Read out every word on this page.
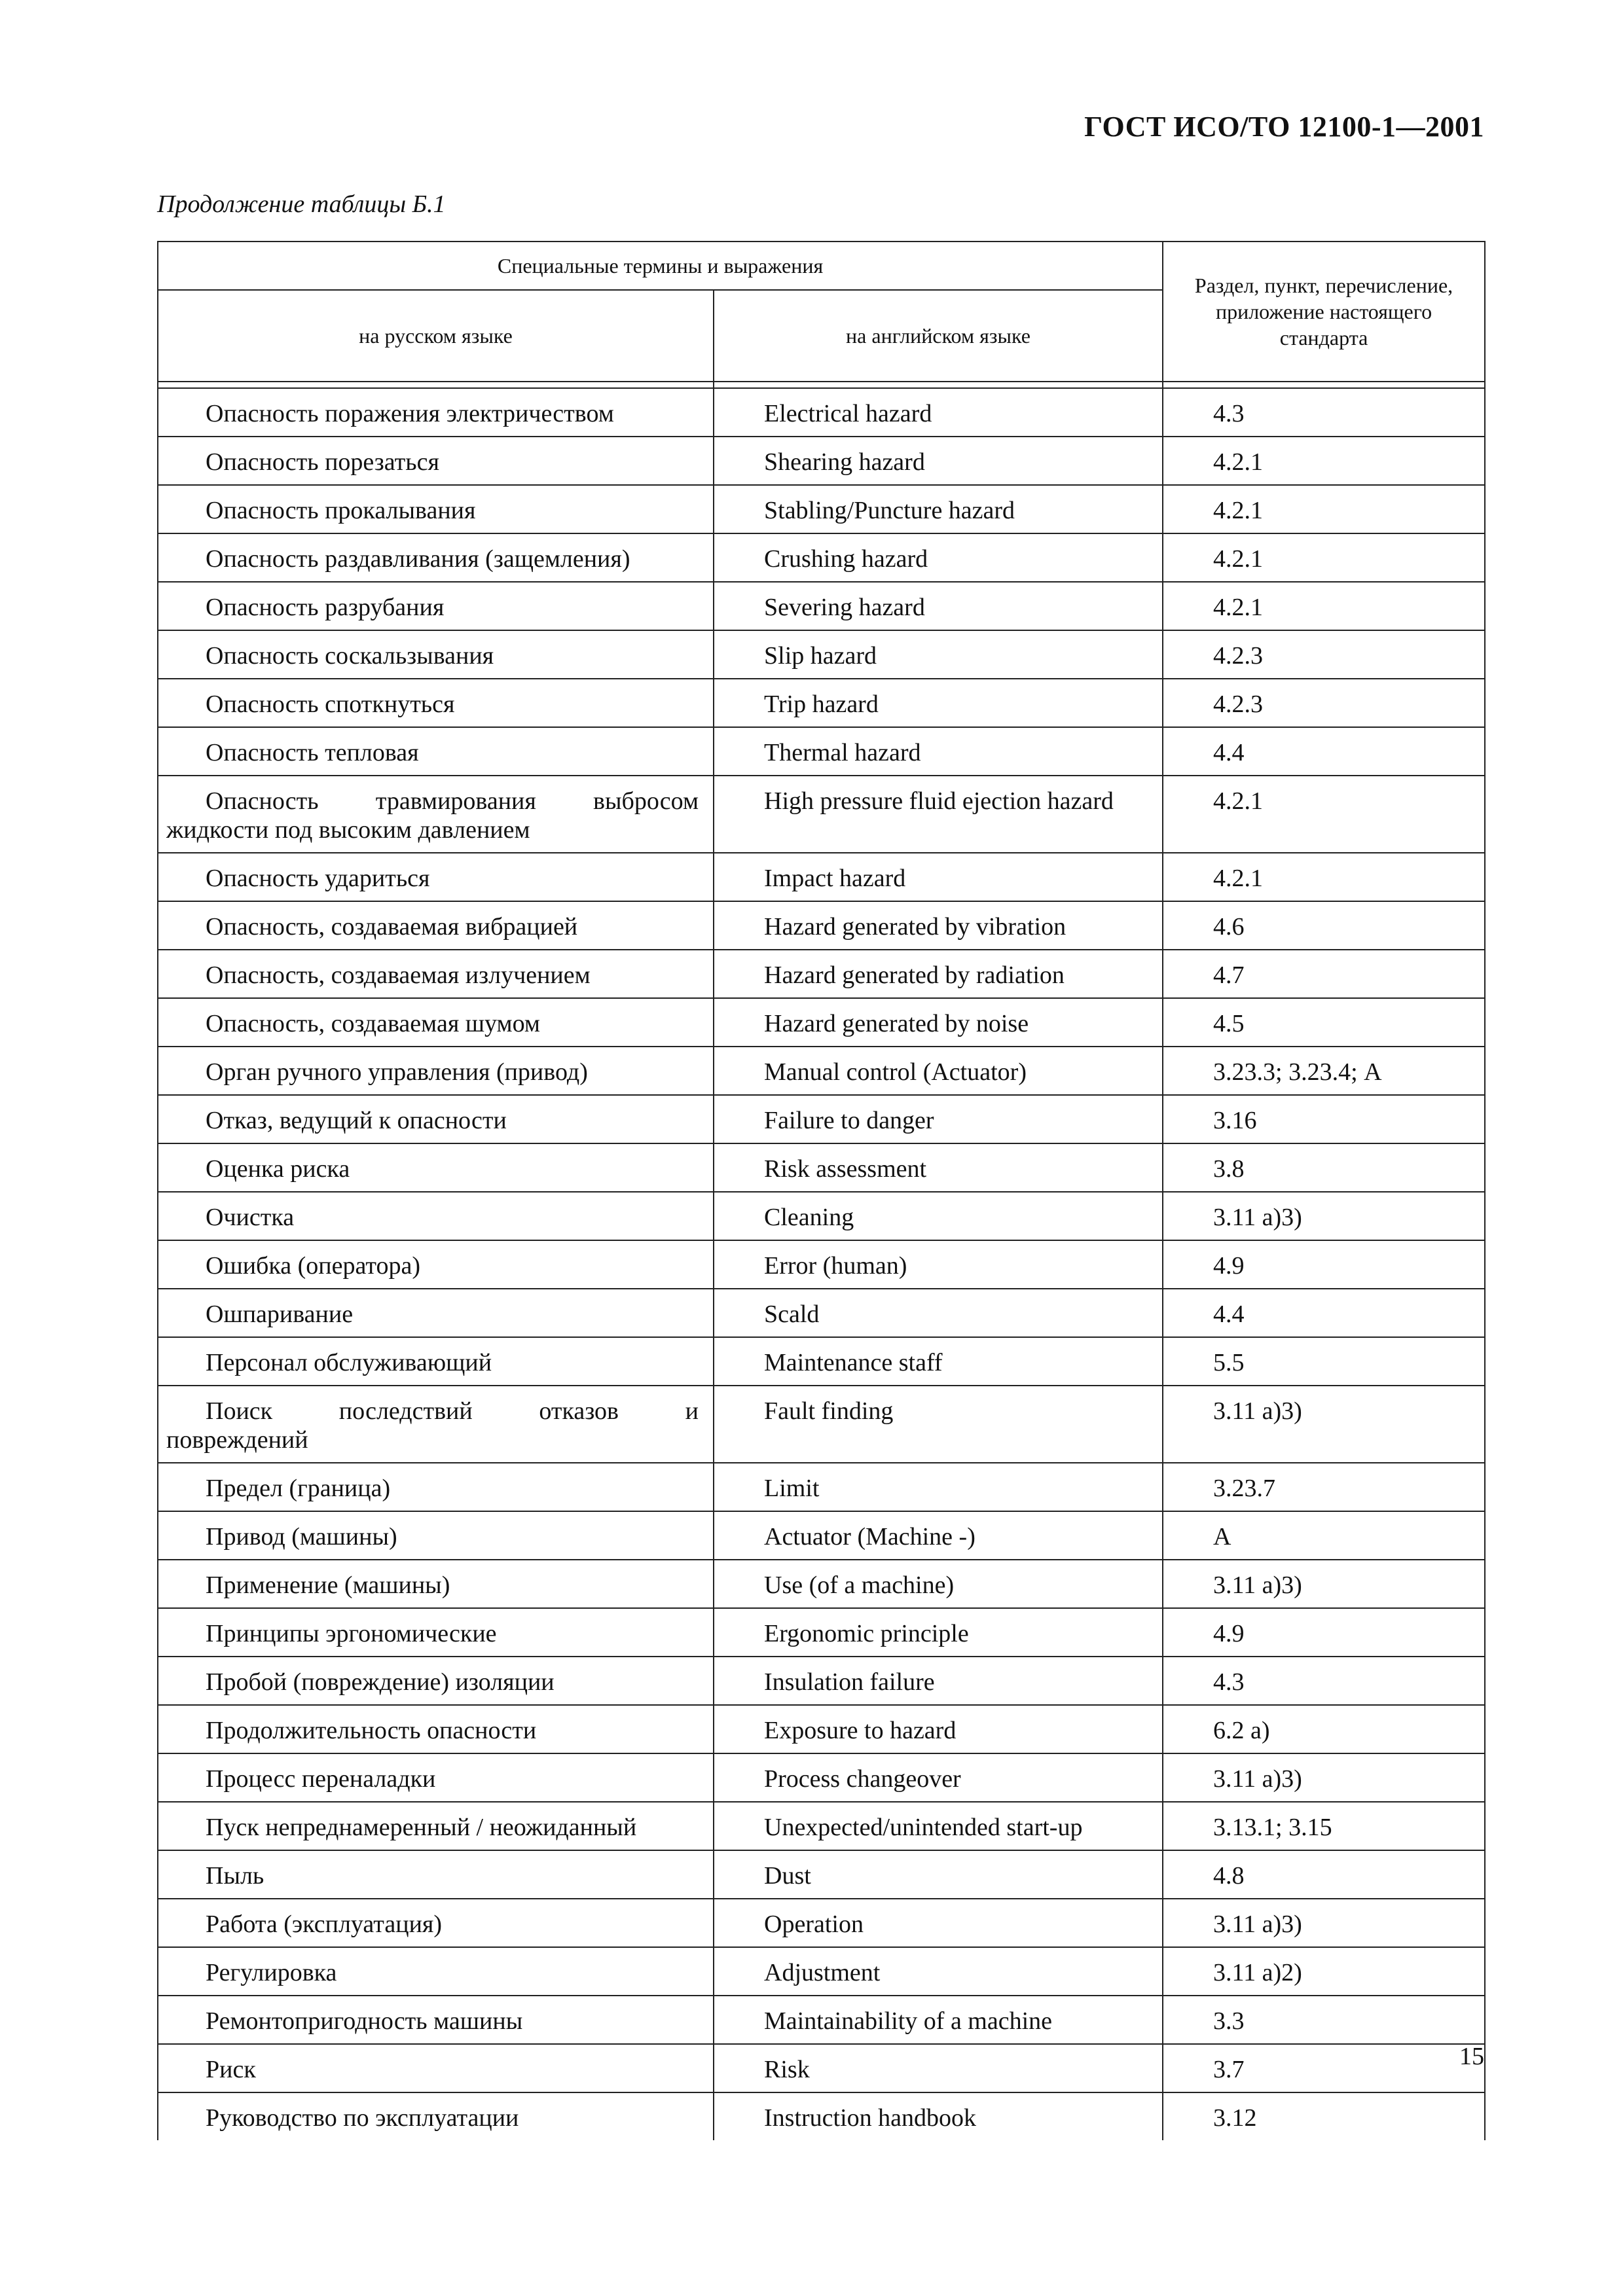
ГОСТ ИСО/ТО 12100-1—2001
Продолжение таблицы Б.1
Специальные термины и выражения		Раздел, пункт, перечисление, приложение настоящего стандарта
на русском языке	на английском языке	

Опасность поражения электричеством	Electrical hazard	4.3
Опасность порезаться	Shearing hazard	4.2.1
Опасность прокалывания	Stabling/Puncture hazard	4.2.1
Опасность раздавливания (защемления)	Crushing hazard	4.2.1
Опасность разрубания	Severing hazard	4.2.1
Опасность соскальзывания	Slip hazard	4.2.3
Опасность споткнуться	Trip hazard	4.2.3
Опасность тепловая	Thermal hazard	4.4

Опасность травмирования выбросом
жидкости под высоким давлением	High pressure fluid ejection hazard	4.2.1
Опасность удариться	Impact hazard	4.2.1
Опасность, создаваемая вибрацией	Hazard generated by vibration	4.6
Опасность, создаваемая излучением	Hazard generated by radiation	4.7
Опасность, создаваемая шумом	Hazard generated by noise	4.5
Орган ручного управления (привод)	Manual control (Actuator)	3.23.3; 3.23.4; А
Отказ, ведущий к опасности	Failure to danger	3.16
Оценка риска	Risk assessment	3.8
Очистка	Cleaning	3.11 а)3)
Ошибка (оператора)	Error (human)	4.9
Ошпаривание	Scald	4.4
Персонал обслуживающий	Maintenance staff	5.5

Поиск последствий отказов и
повреждений	Fault finding	3.11 а)3)
Предел (граница)	Limit	3.23.7
Привод (машины)	Actuator (Machine -)	А
Применение (машины)	Use (of a machine)	3.11 а)3)
Принципы эргономические	Ergonomic principle	4.9
Пробой (повреждение) изоляции	Insulation failure	4.3
Продолжительность опасности	Exposure to hazard	6.2 а)
Процесс переналадки	Process changeover	3.11 а)3)
Пуск непреднамеренный / неожиданный	Unexpected/unintended start-up	3.13.1; 3.15
Пыль	Dust	4.8
Работа (эксплуатация)	Operation	3.11 а)3)
Регулировка	Adjustment	3.11 а)2)
Ремонтопригодность машины	Maintainability of a machine	3.3
Риск	Risk	3.7
Руководство по эксплуатации	Instruction handbook	3.12
15
